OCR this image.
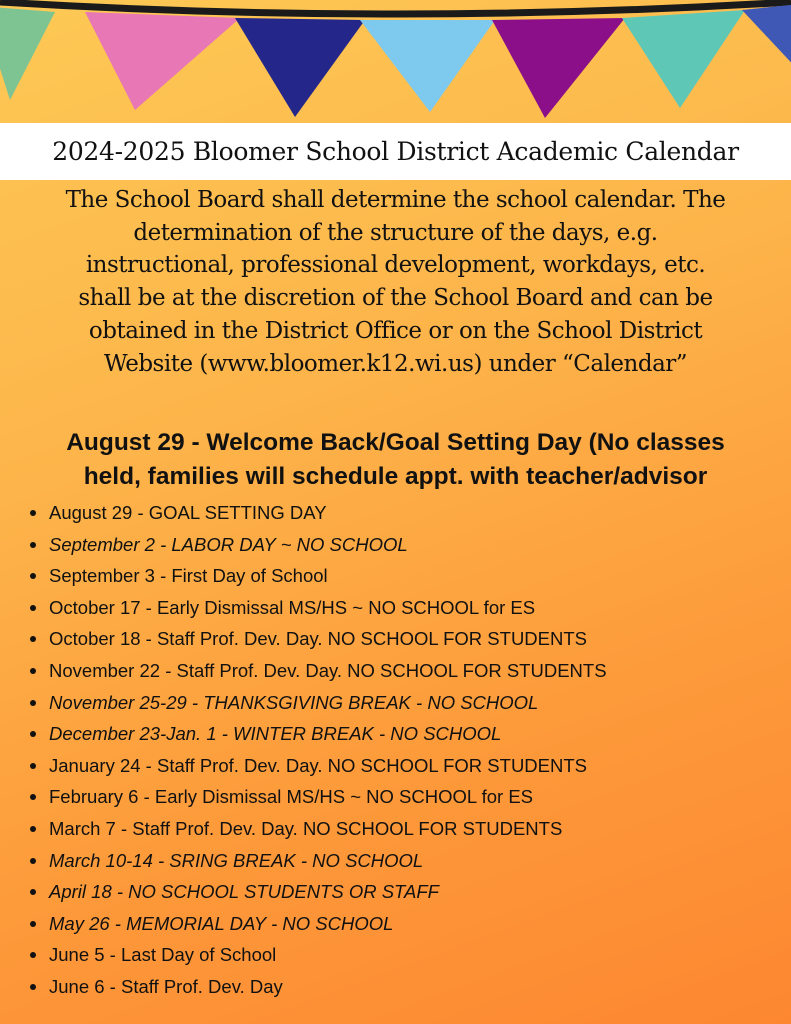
2024-2025 Bloomer School District Academic Calendar
The School Board shall determine the school calendar. The
determination of the structure of the days, e.g.
instructional, professional development, workdays, etc.
shall be at the discretion of the School Board and can be
obtained in the District Office or on the School District
Website (www.bloomer.k12.wi.us) under “Calendar”
August 29 - Welcome Back/Goal Setting Day (No classes
held, families will schedule appt. with teacher/advisor
August 29 - GOAL SETTING DAY
September 2 - LABOR DAY ~ NO SCHOOL
September 3 - First Day of School
October 17 - Early Dismissal MS/HS ~ NO SCHOOL for ES
October 18 - Staff Prof. Dev. Day. NO SCHOOL FOR STUDENTS
November 22 - Staff Prof. Dev. Day. NO SCHOOL FOR STUDENTS
November 25-29 - THANKSGIVING BREAK - NO SCHOOL
December 23-Jan. 1 - WINTER BREAK - NO SCHOOL
January 24 - Staff Prof. Dev. Day. NO SCHOOL FOR STUDENTS
February 6 - Early Dismissal MS/HS ~ NO SCHOOL for ES
March 7 - Staff Prof. Dev. Day. NO SCHOOL FOR STUDENTS
March 10-14 - SRING BREAK - NO SCHOOL
April 18 - NO SCHOOL STUDENTS OR STAFF
May 26 - MEMORIAL DAY - NO SCHOOL
June 5 - Last Day of School
June 6 - Staff Prof. Dev. Day
